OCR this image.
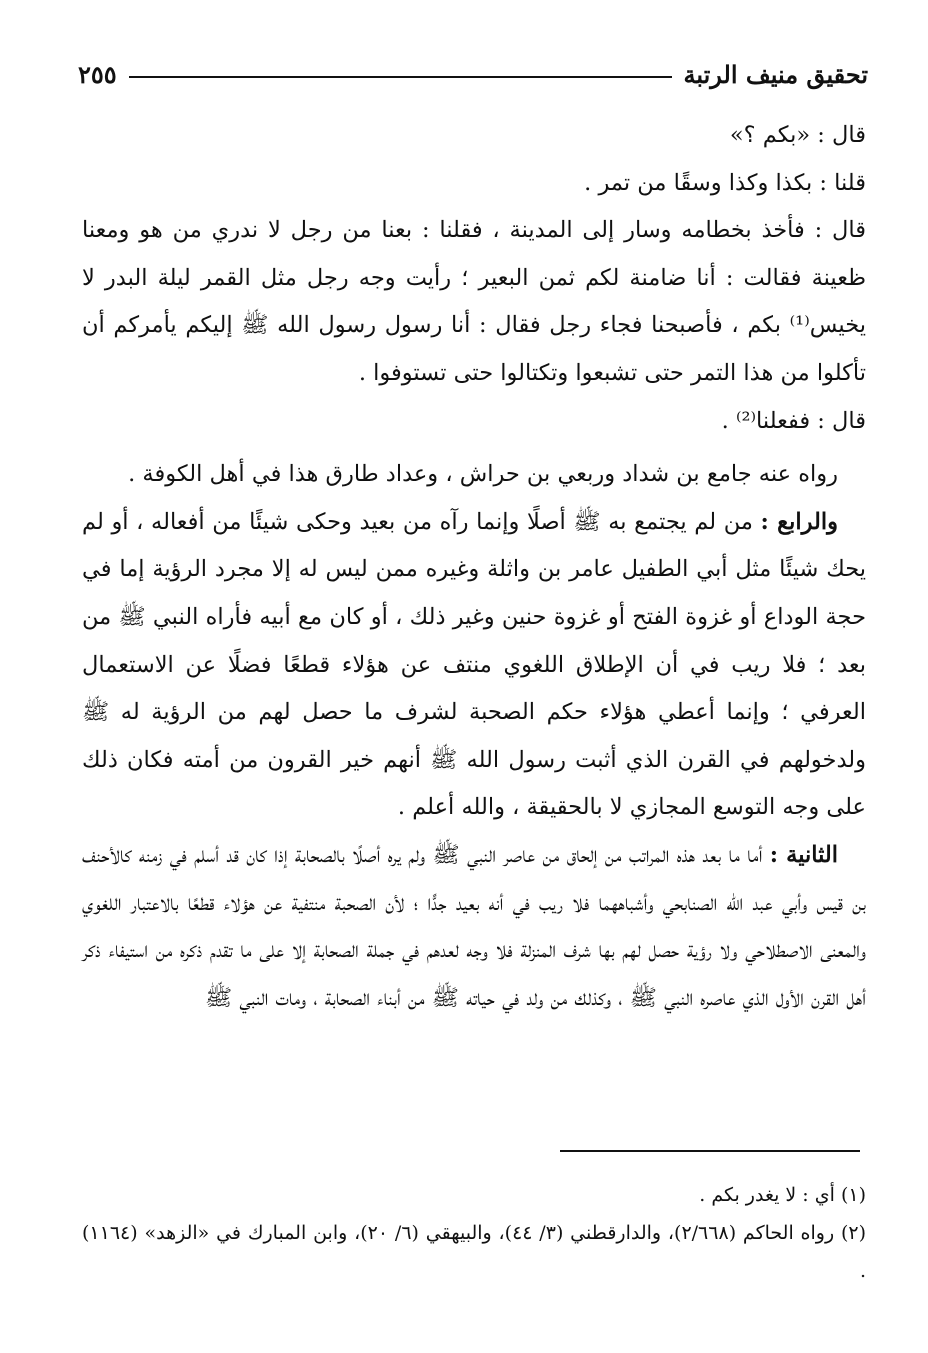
تحقيق منيف الرتبة
٢٥٥

قال : «بكم ؟»

قلنا : بكذا وكذا وسقًا من تمر .

قال : فأخذ بخطامه وسار إلى المدينة ، فقلنا : بعنا من رجل لا ندري من هو ومعنا ظعينة فقالت : أنا ضامنة لكم ثمن البعير ؛ رأيت وجه رجل مثل القمر ليلة البدر لا يخيس⁽¹⁾ بكم ، فأصبحنا فجاء رجل فقال : أنا رسول رسول الله ﷺ إليكم يأمركم أن تأكلوا من هذا التمر حتى تشبعوا وتكتالوا حتى تستوفوا .

قال : ففعلنا⁽²⁾ .

رواه عنه جامع بن شداد وربعي بن حراش ، وعداد طارق هذا في أهل الكوفة .

والرابع : من لم يجتمع به ﷺ أصلًا وإنما رآه من بعيد وحكى شيئًا من أفعاله ، أو لم يحك شيئًا مثل أبي الطفيل عامر بن واثلة وغيره ممن ليس له إلا مجرد الرؤية إما في حجة الوداع أو غزوة الفتح أو غزوة حنين وغير ذلك ، أو كان مع أبيه فأراه النبي ﷺ من بعد ؛ فلا ريب في أن الإطلاق اللغوي منتف عن هؤلاء قطعًا فضلًا عن الاستعمال العرفي ؛ وإنما أعطي هؤلاء حكم الصحبة لشرف ما حصل لهم من الرؤية له ﷺ ولدخولهم في القرن الذي أثبت رسول الله ﷺ أنهم خير القرون من أمته فكان ذلك على وجه التوسع المجازي لا بالحقيقة ، والله أعلم .

الثانية : أما ما بعد هذه المراتب من إلحاق من عاصر النبي ﷺ ولم يره أصلًا بالصحابة إذا كان قد أسلم في زمنه كالأحنف بن قيس وأبي عبد الله الصنابحي وأشباههما فلا ريب في أنه بعيد جدًّا ؛ لأن الصحبة منتفية عن هؤلاء قطعًا بالاعتبار اللغوي والمعنى الاصطلاحي ولا رؤية حصل لهم بها شرف المنزلة فلا وجه لعدهم في جملة الصحابة إلا على ما تقدم ذكره من استيفاء ذكر أهل القرن الأول الذي عاصره النبي ﷺ ، وكذلك من ولد في حياته ﷺ من أبناء الصحابة ، ومات النبي ﷺ

(١) أي : لا يغدر بكم .

(٢) رواه الحاكم (٢/٦٦٨)، والدارقطني (٣/ ٤٤)، والبيهقي (٦/ ٢٠)، وابن المبارك في «الزهد» (١١٦٤) .
